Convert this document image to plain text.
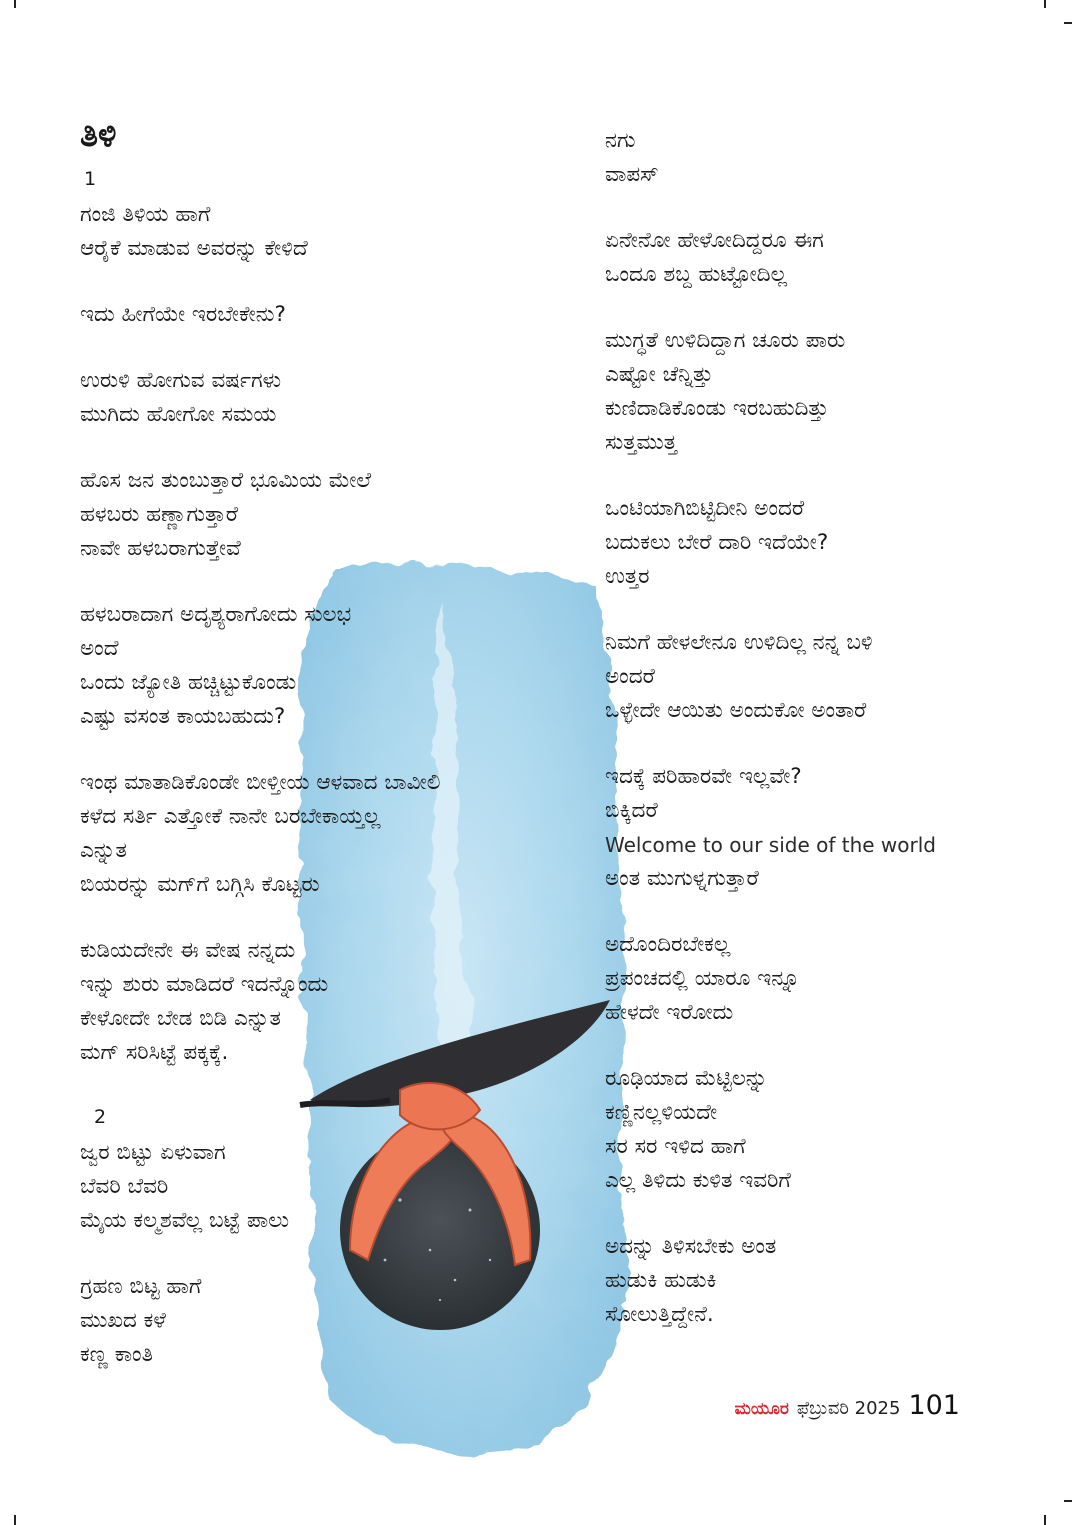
ತಿಳಿ
1
ಗಂಜಿ ತಿಳಿಯ ಹಾಗೆ
ಆರೈಕೆ ಮಾಡುವ ಅವರನ್ನು ಕೇಳಿದೆ
ಇದು ಹೀಗೆಯೇ ಇರಬೇಕೇನು?
ಉರುಳಿ ಹೋಗುವ ವರ್ಷಗಳು
ಮುಗಿದು ಹೋಗೋ ಸಮಯ
ಹೊಸ ಜನ ತುಂಬುತ್ತಾರೆ ಭೂಮಿಯ ಮೇಲೆ
ಹಳಬರು ಹಣ್ಣಾಗುತ್ತಾರೆ
ನಾವೇ ಹಳಬರಾಗುತ್ತೇವೆ
ಹಳಬರಾದಾಗ ಅದೃಶ್ಯರಾಗೋದು ಸುಲಭ
ಅಂದೆ
ಒಂದು ಜ್ಯೋತಿ ಹಚ್ಚಿಟ್ಟುಕೊಂಡು
ಎಷ್ಟು ವಸಂತ ಕಾಯಬಹುದು?
ಇಂಥ ಮಾತಾಡಿಕೊಂಡೇ ಬೀಳ್ತೀಯ ಆಳವಾದ ಬಾವೀಲಿ
ಕಳೆದ ಸರ್ತಿ ಎತ್ತೋಕೆ ನಾನೇ ಬರಬೇಕಾಯ್ತಲ್ಲ
ಎನ್ನುತ
ಬಿಯರನ್ನು ಮಗ್‌ಗೆ ಬಗ್ಗಿಸಿ ಕೊಟ್ಟರು
ಕುಡಿಯದೇನೇ ಈ ವೇಷ ನನ್ನದು
ಇನ್ನು ಶುರು ಮಾಡಿದರೆ ಇದನ್ನೊಂದು
ಕೇಳೋದೇ ಬೇಡ ಬಿಡಿ ಎನ್ನುತ
ಮಗ್ ಸರಿಸಿಟ್ಟೆ ಪಕ್ಕಕ್ಕೆ.
2
ಜ್ವರ ಬಿಟ್ಟು ಏಳುವಾಗ
ಬೆವರಿ ಬೆವರಿ
ಮೈಯ ಕಲ್ಮಶವೆಲ್ಲ ಬಟ್ಟೆ ಪಾಲು
ಗ್ರಹಣ ಬಿಟ್ಟ ಹಾಗೆ
ಮುಖದ ಕಳೆ
ಕಣ್ಣ ಕಾಂತಿ
ನಗು
ವಾಪಸ್
ಏನೇನೋ ಹೇಳೋದಿದ್ದರೂ ಈಗ
ಒಂದೂ ಶಬ್ದ ಹುಟ್ಟೋದಿಲ್ಲ
ಮುಗ್ಧತೆ ಉಳಿದಿದ್ದಾಗ ಚೂರು ಪಾರು
ಎಷ್ಟೋ ಚೆನ್ನಿತ್ತು
ಕುಣಿದಾಡಿಕೊಂಡು ಇರಬಹುದಿತ್ತು
ಸುತ್ತಮುತ್ತ
ಒಂಟಿಯಾಗಿಬಿಟ್ಟಿದೀನಿ ಅಂದರೆ
ಬದುಕಲು ಬೇರೆ ದಾರಿ ಇದೆಯೇ?
ಉತ್ತರ
ನಿಮಗೆ ಹೇಳಲೇನೂ ಉಳಿದಿಲ್ಲ ನನ್ನ ಬಳಿ
ಅಂದರೆ
ಒಳ್ಳೇದೇ ಆಯಿತು ಅಂದುಕೋ ಅಂತಾರೆ
ಇದಕ್ಕೆ ಪರಿಹಾರವೇ ಇಲ್ಲವೇ?
ಬಿಕ್ಕಿದರೆ
Welcome to our side of the world
ಅಂತ ಮುಗುಳ್ನಗುತ್ತಾರೆ
ಅದೊಂದಿರಬೇಕಲ್ಲ
ಪ್ರಪಂಚದಲ್ಲಿ ಯಾರೂ ಇನ್ನೂ
ಹೇಳದೇ ಇರೋದು
ರೂಢಿಯಾದ ಮೆಟ್ಟಿಲನ್ನು
ಕಣ್ಣಿನಲ್ಲಳಿಯದೇ
ಸರ ಸರ ಇಳಿದ ಹಾಗೆ
ಎಲ್ಲ ತಿಳಿದು ಕುಳಿತ ಇವರಿಗೆ
ಅದನ್ನು ತಿಳಿಸಬೇಕು ಅಂತ
ಹುಡುಕಿ ಹುಡುಕಿ
ಸೋಲುತ್ತಿದ್ದೇನೆ.
ಮಯೂರ ಫೆಬ್ರುವರಿ 2025 101
